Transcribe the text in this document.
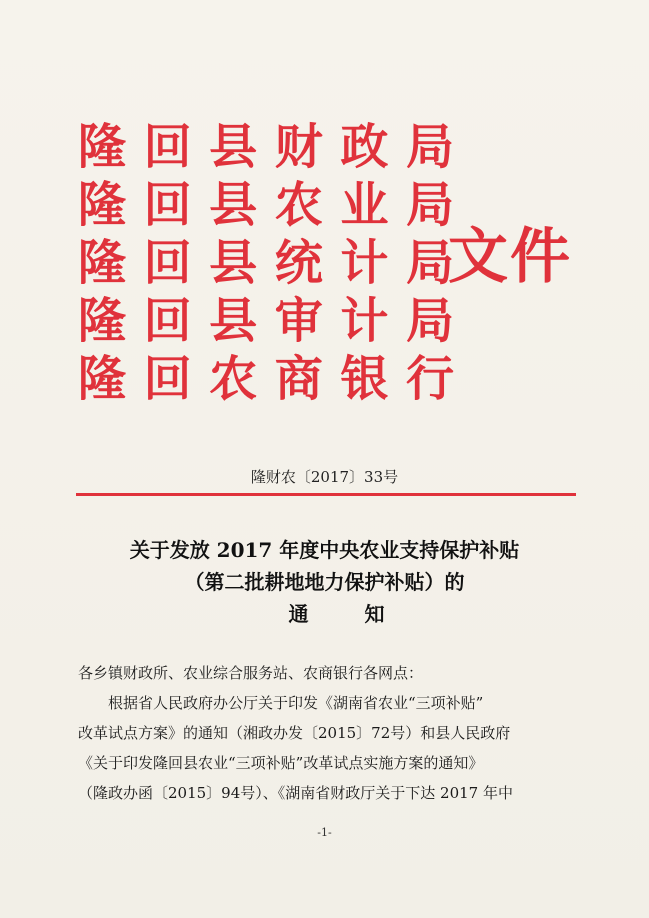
隆 回 县 财 政 局
隆 回 县 农 业 局
隆 回 县 统 计 局
隆 回 县 审 计 局
隆 回 农 商 银 行
文件
隆财农〔2017〕33号
关于发放 2017 年度中央农业支持保护补贴
（第二批耕地地力保护补贴）的
通知
各乡镇财政所、农业综合服务站、农商银行各网点：
　　根据省人民政府办公厅关于印发《湖南省农业“三项补贴”
改革试点方案》的通知（湘政办发〔2015〕72号）和县人民政府
《关于印发隆回县农业“三项补贴”改革试点实施方案的通知》
（隆政办函〔2015〕94号）、《湖南省财政厅关于下达 2017 年中
-1-
